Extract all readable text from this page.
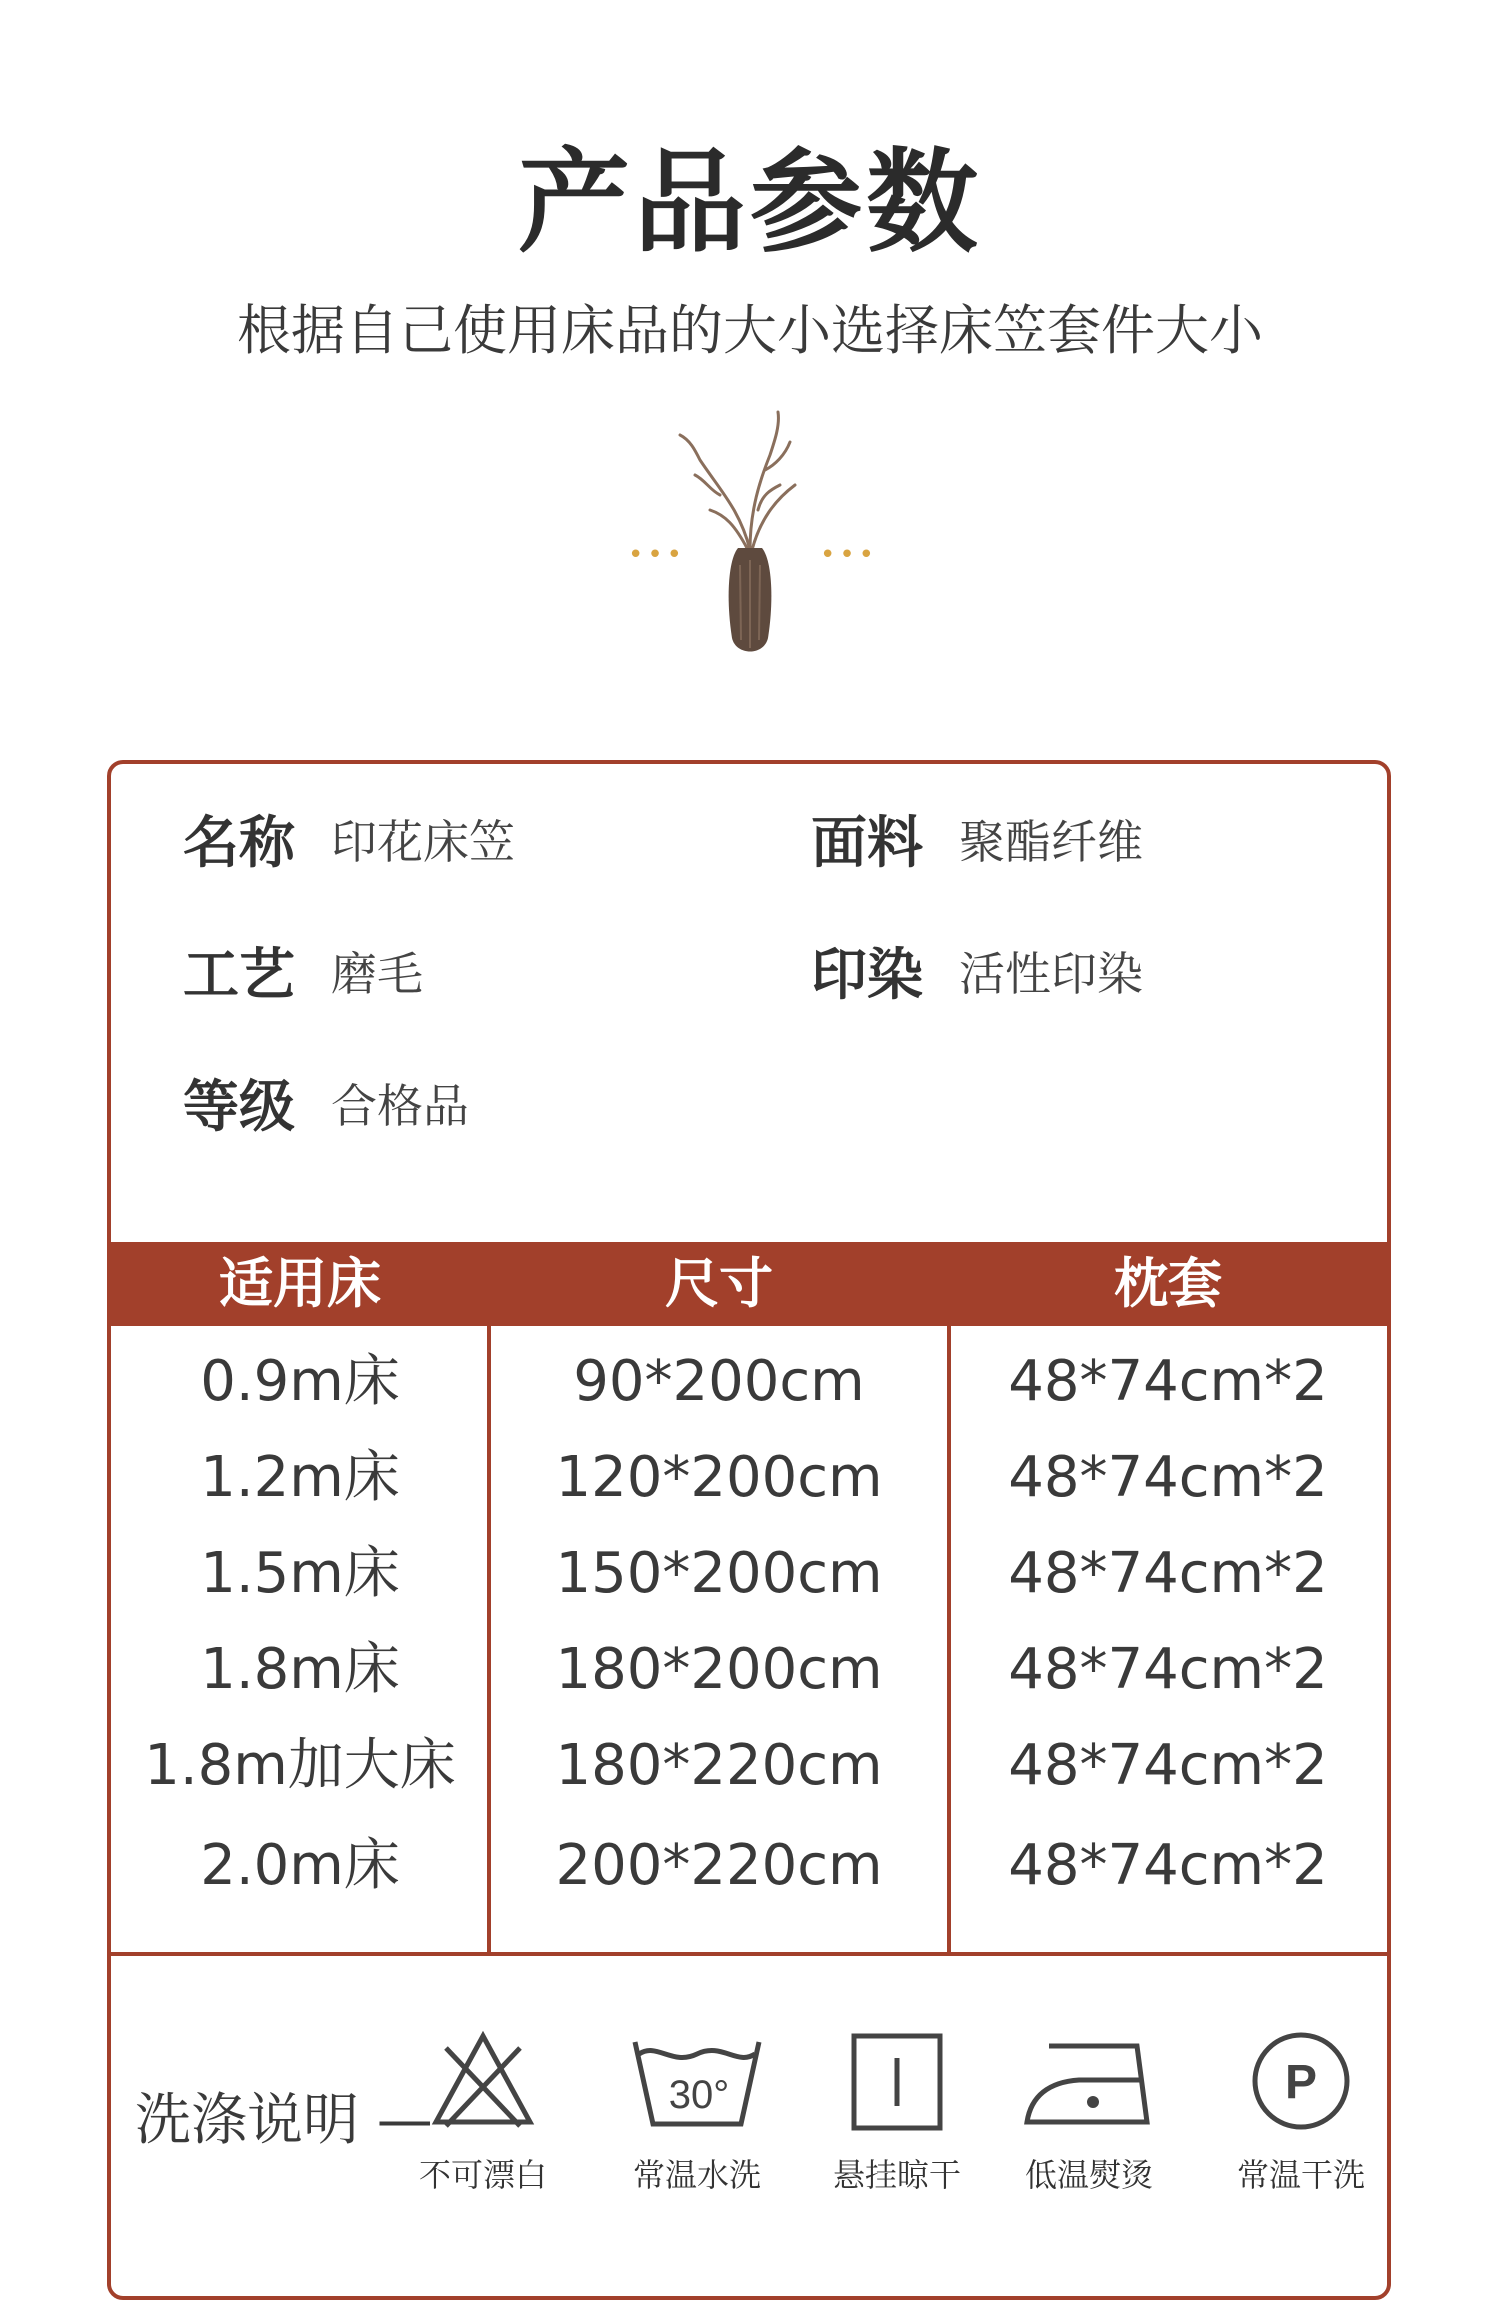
产品参数
根据自己使用床品的大小选择床笠套件大小
•••	•••
名称 印花床笠	面料 聚酯纤维
工艺 磨毛	印染 活性印染
等级 合格品
适用床	尺寸	枕套
0.9m床	90*200cm	48*74cm*2
1.2m床	120*200cm	48*74cm*2
1.5m床	150*200cm	48*74cm*2
1.8m床	180*200cm	48*74cm*2
1.8m加大床	180*220cm	48*74cm*2
2.0m床	200*220cm	48*74cm*2
洗涤说明 —
不可漂白
30°
常温水洗	悬挂晾干	低温熨烫
P
常温干洗
